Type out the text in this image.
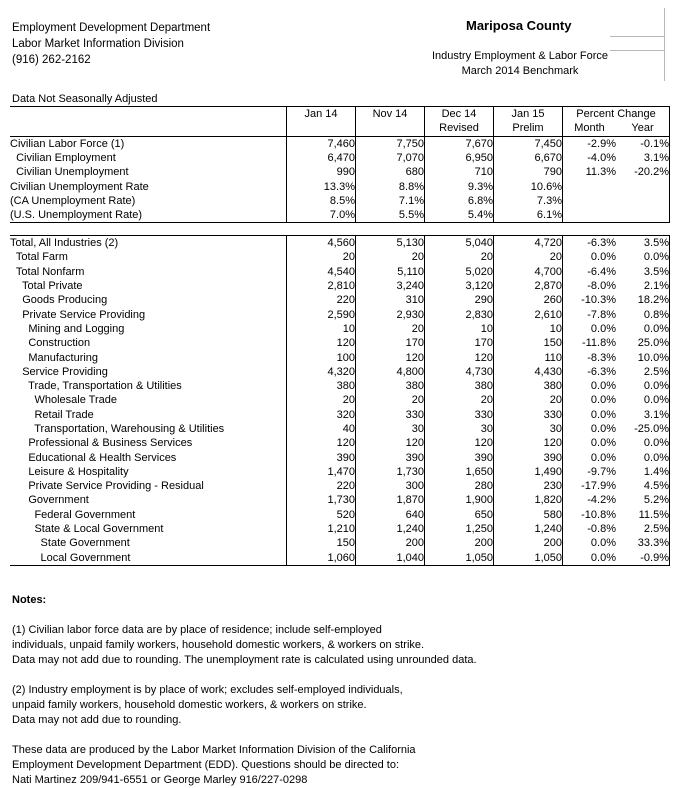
Employment Development Department
Labor Market Information Division
(916) 262-2162
Mariposa County
Industry Employment & Labor Force
March 2014 Benchmark
Data Not Seasonally Adjusted
	Jan 14	Nov 14	Dec 14	Jan 15	Percent Change	
			Revised	Prelim	Month	Year
Civilian Labor Force (1)	7,460	7,750	7,670	7,450	-2.9%	-0.1%
Civilian Employment	6,470	7,070	6,950	6,670	-4.0%	3.1%
Civilian Unemployment	990	680	710	790	11.3%	-20.2%
Civilian Unemployment Rate	13.3%	8.8%	9.3%	10.6%		
(CA Unemployment Rate)	8.5%	7.1%	6.8%	7.3%		
(U.S. Unemployment Rate)	7.0%	5.5%	5.4%	6.1%		
Total, All Industries (2)	4,560	5,130	5,040	4,720	-6.3%	3.5%
Total Farm	20	20	20	20	0.0%	0.0%
Total Nonfarm	4,540	5,110	5,020	4,700	-6.4%	3.5%
Total Private	2,810	3,240	3,120	2,870	-8.0%	2.1%
Goods Producing	220	310	290	260	-10.3%	18.2%
Private Service Providing	2,590	2,930	2,830	2,610	-7.8%	0.8%
Mining and Logging	10	20	10	10	0.0%	0.0%
Construction	120	170	170	150	-11.8%	25.0%
Manufacturing	100	120	120	110	-8.3%	10.0%
Service Providing	4,320	4,800	4,730	4,430	-6.3%	2.5%
Trade, Transportation & Utilities	380	380	380	380	0.0%	0.0%
Wholesale Trade	20	20	20	20	0.0%	0.0%
Retail Trade	320	330	330	330	0.0%	3.1%
Transportation, Warehousing & Utilities	40	30	30	30	0.0%	-25.0%
Professional & Business Services	120	120	120	120	0.0%	0.0%
Educational & Health Services	390	390	390	390	0.0%	0.0%
Leisure & Hospitality	1,470	1,730	1,650	1,490	-9.7%	1.4%
Private Service Providing - Residual	220	300	280	230	-17.9%	4.5%
Government	1,730	1,870	1,900	1,820	-4.2%	5.2%
Federal Government	520	640	650	580	-10.8%	11.5%
State & Local Government	1,210	1,240	1,250	1,240	-0.8%	2.5%
State Government	150	200	200	200	0.0%	33.3%
Local Government	1,060	1,040	1,050	1,050	0.0%	-0.9%
Notes:
(1) Civilian labor force data are by place of residence; include self-employed
individuals, unpaid family workers, household domestic workers, & workers on strike.
Data may not add due to rounding. The unemployment rate is calculated using unrounded data.
(2) Industry employment is by place of work; excludes self-employed individuals,
unpaid family workers, household domestic workers, & workers on strike.
Data may not add due to rounding.
These data are produced by the Labor Market Information Division of the California
Employment Development Department (EDD). Questions should be directed to:
Nati Martinez 209/941-6551 or George Marley 916/227-0298
